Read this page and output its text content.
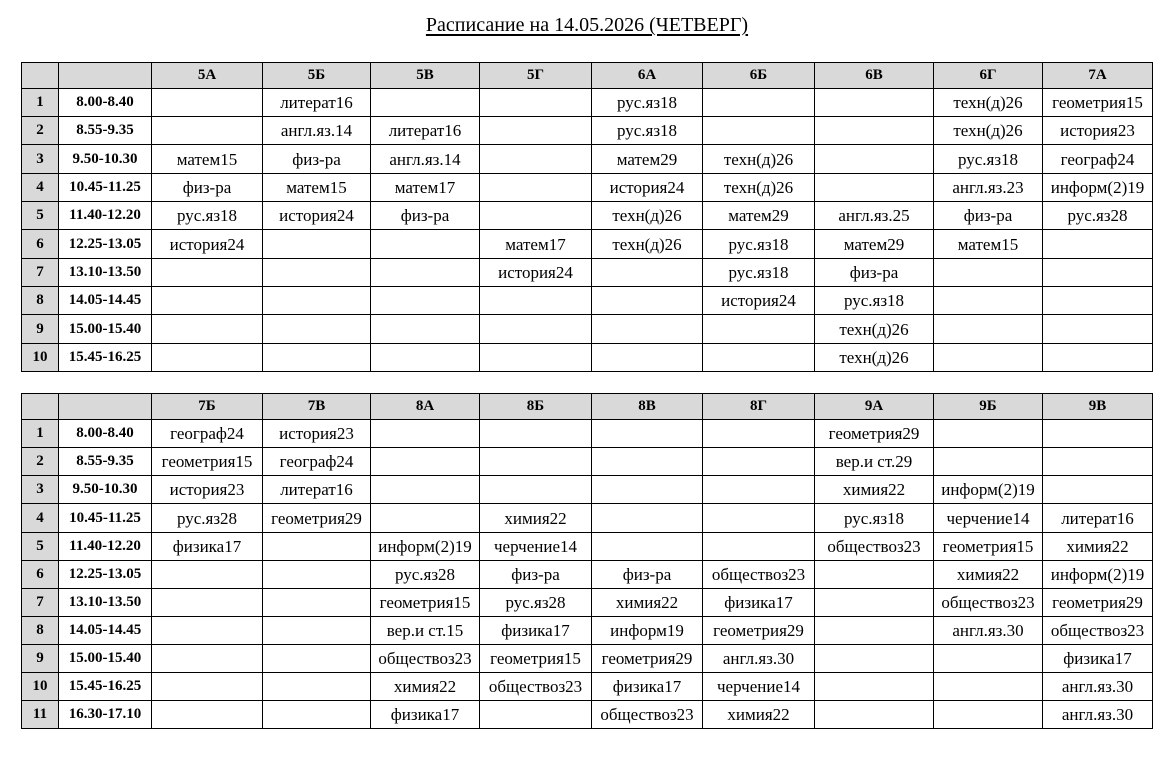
Расписание на 14.05.2026 (ЧЕТВЕРГ)
		5А	5Б	5В	5Г	6А	6Б	6В	6Г	7А
1	8.00-8.40		литерат16			рус.яз18			техн(д)26	геометрия15
2	8.55-9.35		англ.яз.14	литерат16		рус.яз18			техн(д)26	история23
3	9.50-10.30	матем15	физ-ра	англ.яз.14		матем29	техн(д)26		рус.яз18	географ24
4	10.45-11.25	физ-ра	матем15	матем17		история24	техн(д)26		англ.яз.23	информ(2)19
5	11.40-12.20	рус.яз18	история24	физ-ра		техн(д)26	матем29	англ.яз.25	физ-ра	рус.яз28
6	12.25-13.05	история24			матем17	техн(д)26	рус.яз18	матем29	матем15	
7	13.10-13.50				история24		рус.яз18	физ-ра		
8	14.05-14.45						история24	рус.яз18		
9	15.00-15.40							техн(д)26		
10	15.45-16.25							техн(д)26		
		7Б	7В	8А	8Б	8В	8Г	9А	9Б	9В
1	8.00-8.40	географ24	история23					геометрия29		
2	8.55-9.35	геометрия15	географ24					вер.и ст.29		
3	9.50-10.30	история23	литерат16					химия22	информ(2)19	
4	10.45-11.25	рус.яз28	геометрия29		химия22			рус.яз18	черчение14	литерат16
5	11.40-12.20	физика17		информ(2)19	черчение14			обществоз23	геометрия15	химия22
6	12.25-13.05			рус.яз28	физ-ра	физ-ра	обществоз23		химия22	информ(2)19
7	13.10-13.50			геометрия15	рус.яз28	химия22	физика17		обществоз23	геометрия29
8	14.05-14.45			вер.и ст.15	физика17	информ19	геометрия29		англ.яз.30	обществоз23
9	15.00-15.40			обществоз23	геометрия15	геометрия29	англ.яз.30			физика17
10	15.45-16.25			химия22	обществоз23	физика17	черчение14			англ.яз.30
11	16.30-17.10			физика17		обществоз23	химия22			англ.яз.30
